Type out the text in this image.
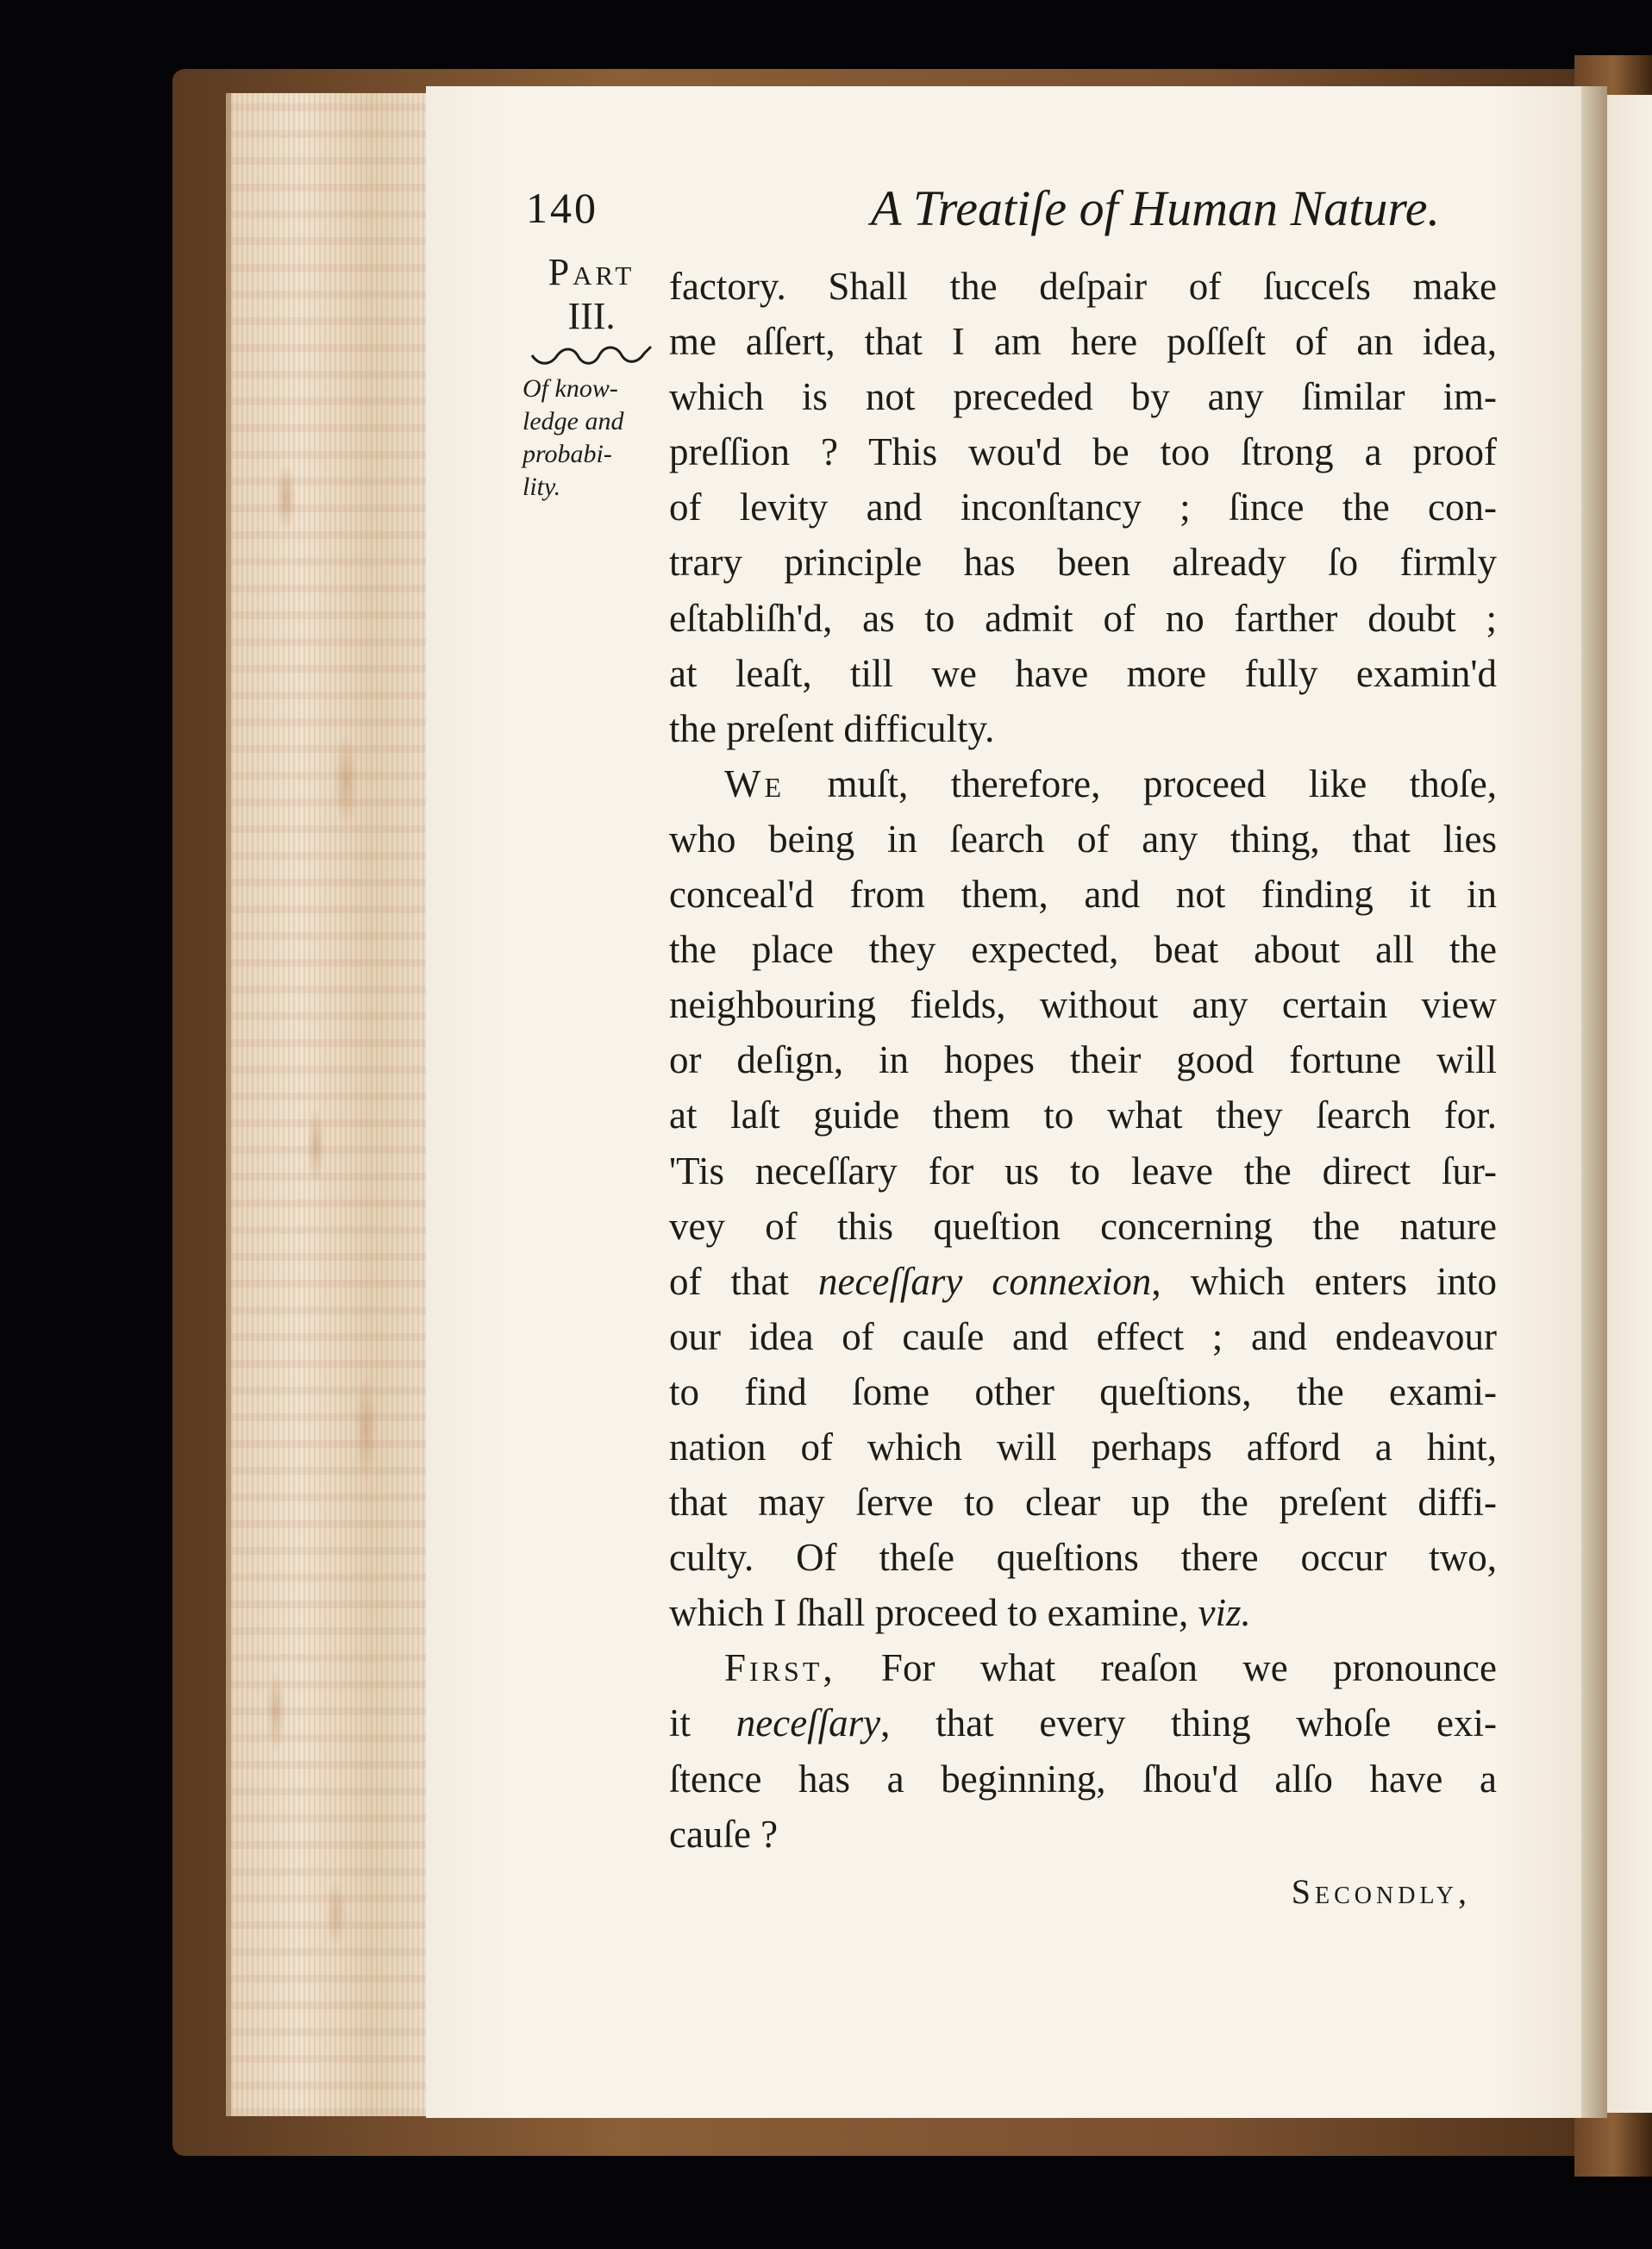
140	A Treatiſe of Human Nature.
Part
III.
Of know-
ledge and
probabi-
lity.
factory. Shall the deſpair of ſucceſs make
me aſſert, that I am here poſſeſt of an idea,
which is not preceded by any ſimilar im-
preſſion ? This wou'd be too ſtrong a proof
of levity and inconſtancy ; ſince the con-
trary principle has been already ſo firmly
eſtabliſh'd, as to admit of no farther doubt ;
at leaſt, till we have more fully examin'd
the preſent difficulty.
We muſt, therefore, proceed like thoſe,
who being in ſearch of any thing, that lies
conceal'd from them, and not finding it in
the place they expected, beat about all the
neighbouring fields, without any certain view
or deſign, in hopes their good fortune will
at laſt guide them to what they ſearch for.
'Tis neceſſary for us to leave the direct ſur-
vey of this queſtion concerning the nature
of that neceſſary connexion, which enters into
our idea of cauſe and effect ; and endeavour
to find ſome other queſtions, the exami-
nation of which will perhaps afford a hint,
that may ſerve to clear up the preſent diffi-
culty. Of theſe queſtions there occur two,
which I ſhall proceed to examine, viz.
First, For what reaſon we pronounce
it neceſſary, that every thing whoſe exi-
ſtence has a beginning, ſhou'd alſo have a
cauſe ?
Secondly,
